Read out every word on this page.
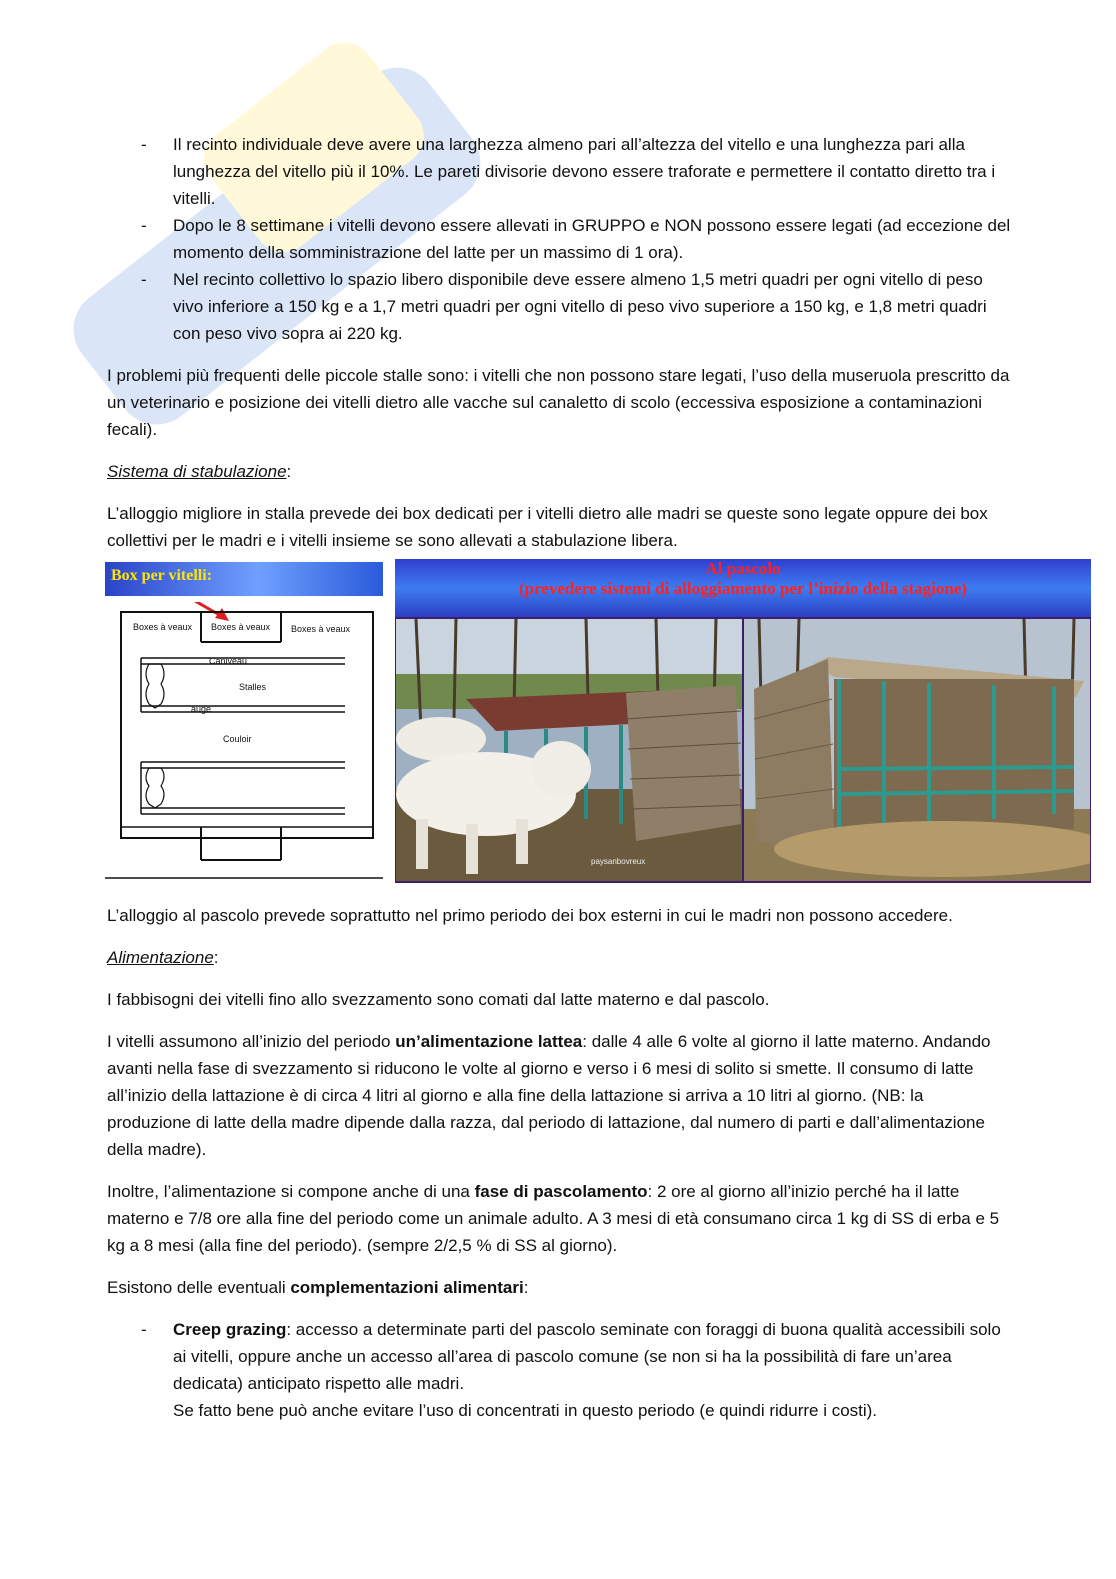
- Il recinto individuale deve avere una larghezza almeno pari all’altezza del vitello e una lunghezza pari alla lunghezza del vitello più il 10%. Le pareti divisorie devono essere traforate e permettere il contatto diretto tra i vitelli.
- Dopo le 8 settimane i vitelli devono essere allevati in GRUPPO e NON possono essere legati (ad eccezione del momento della somministrazione del latte per un massimo di 1 ora).
- Nel recinto collettivo lo spazio libero disponibile deve essere almeno 1,5 metri quadri per ogni vitello di peso vivo inferiore a 150 kg e a 1,7 metri quadri per ogni vitello di peso vivo superiore a 150 kg, e 1,8 metri quadri con peso vivo sopra ai 220 kg.

I problemi più frequenti delle piccole stalle sono: i vitelli che non possono stare legati, l’uso della museruola prescritto da un veterinario e posizione dei vitelli dietro alle vacche sul canaletto di scolo (eccessiva esposizione a contaminazioni fecali).

Sistema di stabulazione:

L’alloggio migliore in stalla prevede dei box dedicati per i vitelli dietro alle madri se queste sono legate oppure dei box collettivi per le madri e i vitelli insieme se sono allevati a stabulazione libera.

Box per vitelli:
Boxes à veaux Boxes à veaux Boxes à veaux
Caniveau
Stalles
auge
Couloir
Al pascolo
(prevedere sistemi di alloggiamento per l’inizio della stagione)
paysanbovreux

L’alloggio al pascolo prevede soprattutto nel primo periodo dei box esterni in cui le madri non possono accedere.

Alimentazione:

I fabbisogni dei vitelli fino allo svezzamento sono comati dal latte materno e dal pascolo.

I vitelli assumono all’inizio del periodo un’alimentazione lattea: dalle 4 alle 6 volte al giorno il latte materno. Andando avanti nella fase di svezzamento si riducono le volte al giorno e verso i 6 mesi di solito si smette. Il consumo di latte all’inizio della lattazione è di circa 4 litri al giorno e alla fine della lattazione si arriva a 10 litri al giorno. (NB: la produzione di latte della madre dipende dalla razza, dal periodo di lattazione, dal numero di parti e dall’alimentazione della madre).

Inoltre, l’alimentazione si compone anche di una fase di pascolamento: 2 ore al giorno all’inizio perché ha il latte materno e 7/8 ore alla fine del periodo come un animale adulto. A 3 mesi di età consumano circa 1 kg di SS di erba e 5 kg a 8 mesi (alla fine del periodo). (sempre 2/2,5 % di SS al giorno).

Esistono delle eventuali complementazioni alimentari:

- Creep grazing: accesso a determinate parti del pascolo seminate con foraggi di buona qualità accessibili solo ai vitelli, oppure anche un accesso all’area di pascolo comune (se non si ha la possibilità di fare un’area dedicata) anticipato rispetto alle madri.
Se fatto bene può anche evitare l’uso di concentrati in questo periodo (e quindi ridurre i costi).
